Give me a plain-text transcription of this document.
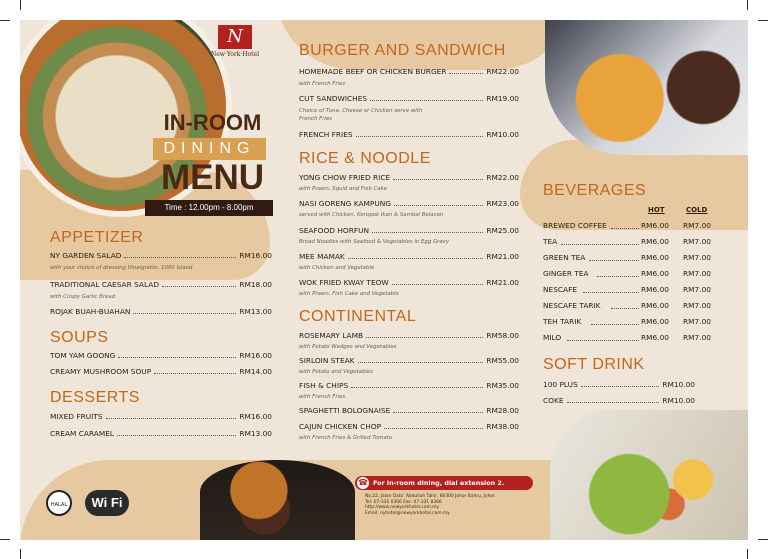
N
New·York·Hotel
IN-ROOM
DINING
MENU
Time : 12.00pm - 8.00pm
APPETIZER
NY GARDEN SALAD	RM16.00
with your choice of dressing Vinaigrette, 1000 Island
TRADITIONAL CAESAR SALAD	RM18.00
with Crispy Garlic Bread
ROJAK BUAH-BUAHAN	RM13.00
SOUPS
TOM YAM GOONG	RM16.00
CREAMY MUSHROOM SOUP	RM14.00
DESSERTS
MIXED FRUITS	RM16.00
CREAM CARAMEL	RM13.00
BURGER AND SANDWICH
HOMEMADE BEEF OR CHICKEN BURGER	RM22.00
with French Fries
CUT SANDWICHES	RM19.00
Choice of Tuna, Cheese or Chicken serve with
French Fries
FRENCH FRIES	RM10.00
RICE & NOODLE
YONG CHOW FRIED RICE	RM22.00
with Prawn, Squid and Fish Cake
NASI GORENG KAMPUNG	RM23.00
served with Chicken, Keropok Ikan & Sambal Belacan
SEAFOOD HORFUN	RM25.00
Broad Noodles with Seafood & Vegetables in Egg Gravy
MEE MAMAK	RM21.00
with Chicken and Vegetable
WOK FRIED KWAY TEOW	RM21.00
with Prawn, Fish Cake and Vegetable
CONTINENTAL
ROSEMARY LAMB	RM58.00
with Potato Wedges and Vegetables
SIRLOIN STEAK	RM55.00
with Potato and Vegetables
FISH & CHIPS	RM35.00
with French Fries
SPAGHETTI BOLOGNAISE	RM28.00
CAJUN CHICKEN CHOP	RM38.00
with French Fries & Grilled Tomato
BEVERAGES
HOT	COLD
BREWED COFFEE	RM6.00 RM7.00
TEA	RM6.00 RM7.00
GREEN TEA	RM6.00 RM7.00
GINGER TEA	RM6.00 RM7.00
NESCAFE	RM6.00 RM7.00
NESCAFE TARIK	RM6.00 RM7.00
TEH TARIK	RM6.00 RM7.00
MILO	RM6.00 RM7.00
SOFT DRINK
100 PLUS	RM10.00
COKE	RM10.00
☎ For in-room dining, dial extension 2.
No.22, Jalan Dato' Abdullah Tahir, 80300 Johor Bahru, Johor.
Tel: 07-331 0366 Fax: 07-331 8366
http://www.newyorkhotel.com.my
Email: nyhotel@newyorkhotel.com.my
HALAL	Wi Fi
